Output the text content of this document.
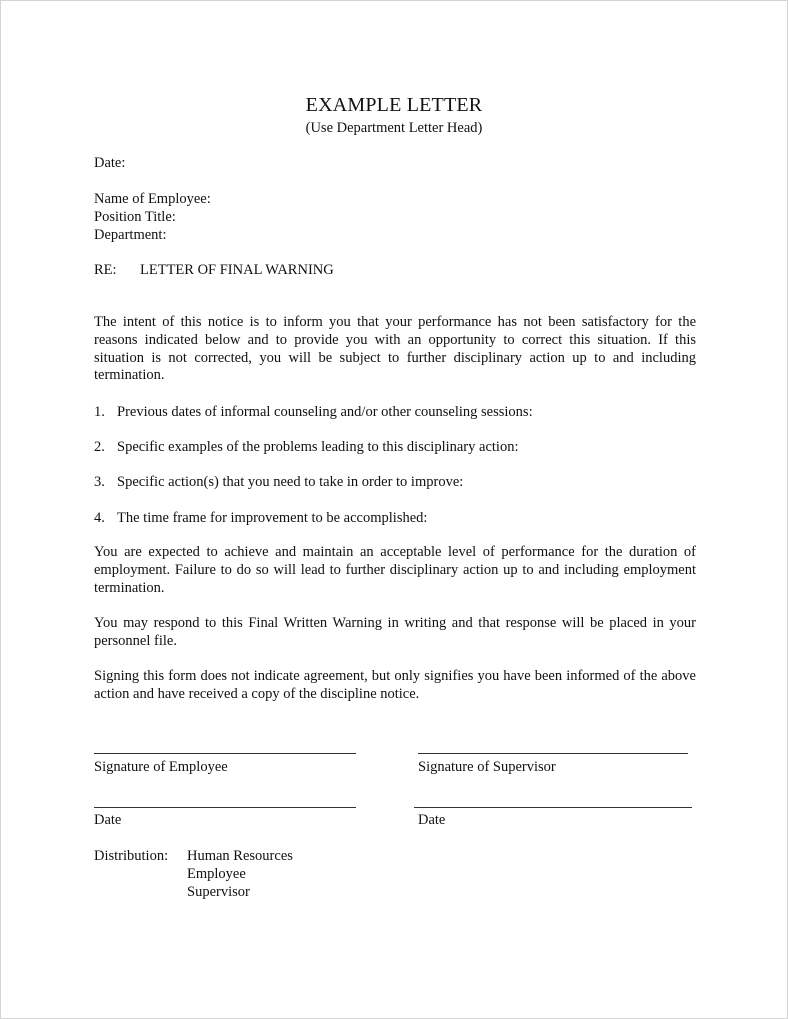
EXAMPLE LETTER
(Use Department Letter Head)
Date:
Name of Employee:
Position Title:
Department:
RE: LETTER OF FINAL WARNING
The intent of this notice is to inform you that your performance has not been satisfactory for the reasons indicated below and to provide you with an opportunity to correct this situation. If this situation is not corrected, you will be subject to further disciplinary action up to and including termination.
1. Previous dates of informal counseling and/or other counseling sessions:
2. Specific examples of the problems leading to this disciplinary action:
3. Specific action(s) that you need to take in order to improve:
4. The time frame for improvement to be accomplished:
You are expected to achieve and maintain an acceptable level of performance for the duration of employment. Failure to do so will lead to further disciplinary action up to and including employment termination.
You may respond to this Final Written Warning in writing and that response will be placed in your personnel file.
Signing this form does not indicate agreement, but only signifies you have been informed of the above action and have received a copy of the discipline notice.
Signature of Employee	Signature of Supervisor
Date	Date
Distribution: Human Resources
Employee
Supervisor
